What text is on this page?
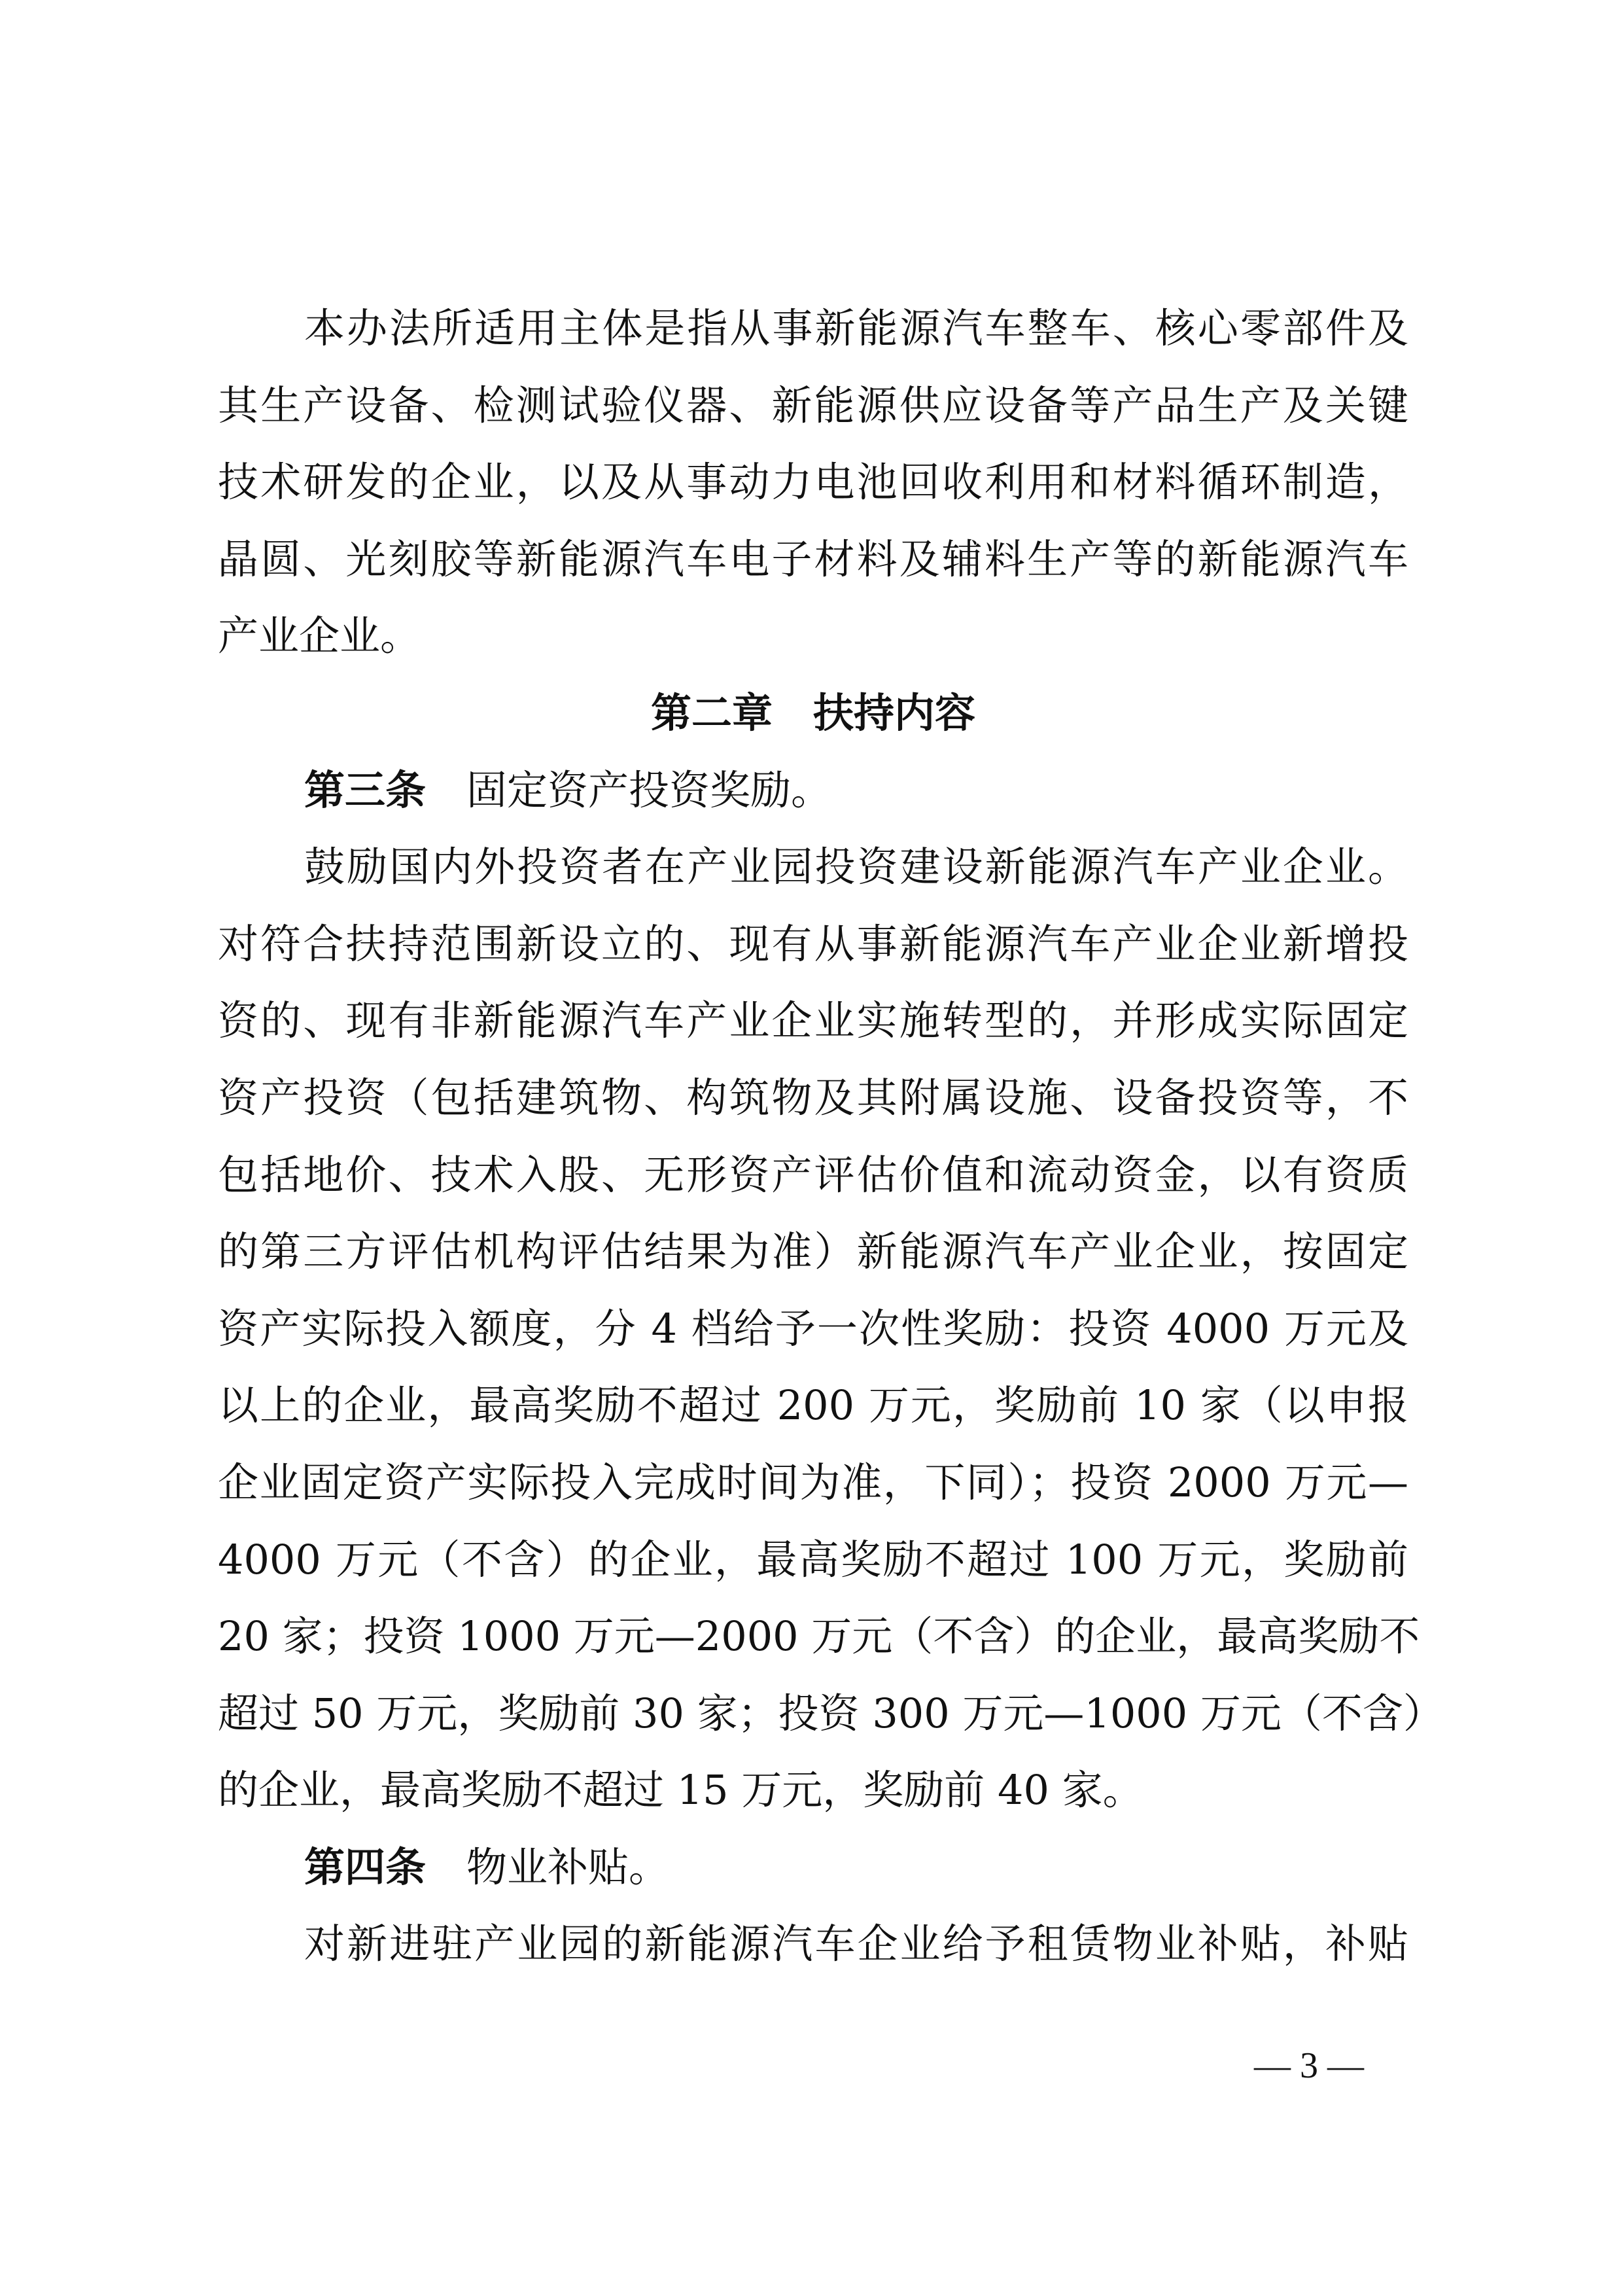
本办法所适用主体是指从事新能源汽车整车、核心零部件及
其生产设备、检测试验仪器、新能源供应设备等产品生产及关键
技术研发的企业，以及从事动力电池回收利用和材料循环制造，
晶圆、光刻胶等新能源汽车电子材料及辅料生产等的新能源汽车
产业企业。
第二章　扶持内容
第三条 固定资产投资奖励。
鼓励国内外投资者在产业园投资建设新能源汽车产业企业。
对符合扶持范围新设立的、现有从事新能源汽车产业企业新增投
资的、现有非新能源汽车产业企业实施转型的，并形成实际固定
资产投资（包括建筑物、构筑物及其附属设施、设备投资等，不
包括地价、技术入股、无形资产评估价值和流动资金，以有资质
的第三方评估机构评估结果为准）新能源汽车产业企业，按固定
资产实际投入额度，分 4 档给予一次性奖励：投资 4000 万元及
以上的企业，最高奖励不超过 200 万元，奖励前 10 家（以申报
企业固定资产实际投入完成时间为准，下同）；投资 2000 万元—
4000 万元（不含）的企业，最高奖励不超过 100 万元，奖励前
20 家；投资 1000 万元—2000 万元（不含）的企业，最高奖励不
超过 50 万元，奖励前 30 家；投资 300 万元—1000 万元（不含）
的企业，最高奖励不超过 15 万元，奖励前 40 家。
第四条 物业补贴。
对新进驻产业园的新能源汽车企业给予租赁物业补贴，补贴
— 3 —
